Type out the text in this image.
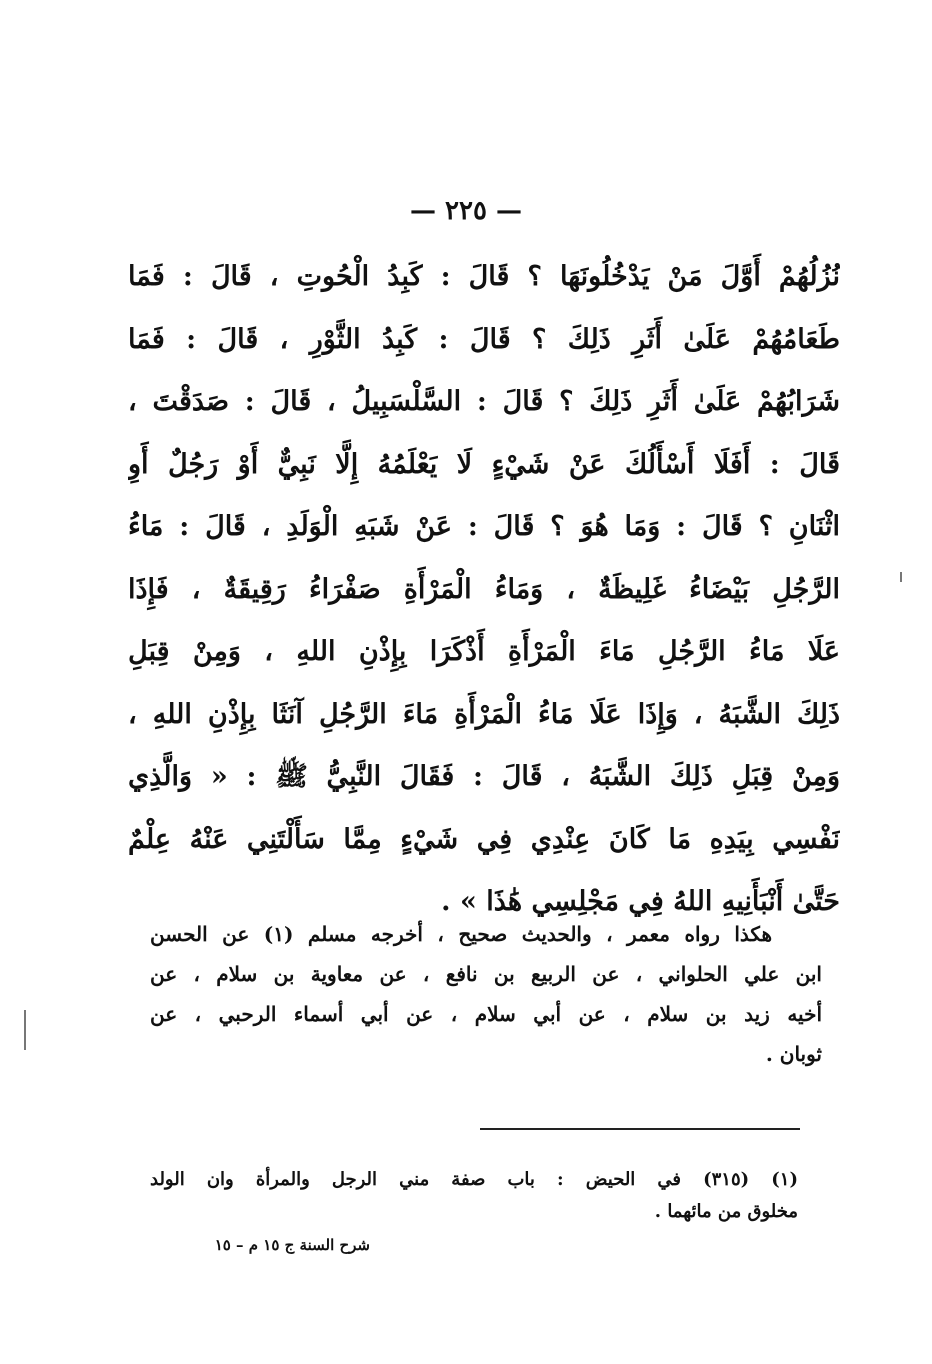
— ٢٢٥ —
نُزُلُهُمْ أَوَّلَ مَنْ يَدْخُلُونَهَا ؟ قَالَ : كَبِدُ الْحُوتِ ، قَالَ : فَمَا
طَعَامُهُمْ عَلَىٰ أَثَرِ ذَلِكَ ؟ قَالَ : كَبِدُ الثَّوْرِ ، قَالَ : فَمَا
شَرَابُهُمْ عَلَىٰ أَثَرِ ذَلِكَ ؟ قَالَ : السَّلْسَبِيلُ ، قَالَ : صَدَقْتَ ،
قَالَ : أَفَلَا أَسْأَلُكَ عَنْ شَيْءٍ لَا يَعْلَمُهُ إِلَّا نَبِيٌّ أَوْ رَجُلٌ أَوِ
اثْنَانِ ؟ قَالَ : وَمَا هُوَ ؟ قَالَ : عَنْ شَبَهِ الْوَلَدِ ، قَالَ : مَاءُ
الرَّجُلِ بَيْضَاءُ غَلِيظَةٌ ، وَمَاءُ الْمَرْأَةِ صَفْرَاءُ رَقِيقَةٌ ، فَإِذَا
عَلَا مَاءُ الرَّجُلِ مَاءَ الْمَرْأَةِ أَذْكَرَا بِإِذْنِ اللهِ ، وَمِنْ قِبَلِ
ذَلِكَ الشَّبَهُ ، وَإِذَا عَلَا مَاءُ الْمَرْأَةِ مَاءَ الرَّجُلِ آنَثَا بِإِذْنِ اللهِ ،
وَمِنْ قِبَلِ ذَلِكَ الشَّبَهُ ، قَالَ : فَقَالَ النَّبِيُّ ﷺ : « وَالَّذِي
نَفْسِي بِيَدِهِ مَا كَانَ عِنْدِي فِي شَيْءٍ مِمَّا سَأَلْتَنِي عَنْهُ عِلْمٌ
حَتَّىٰ أَنْبَأَنِيهِ اللهُ فِي مَجْلِسِي هَٰذَا » .
هكذا رواه معمر ، والحديث صحيح ، أخرجه مسلم (١) عن الحسن
ابن علي الحلواني ، عن الربيع بن نافع ، عن معاوية بن سلام ، عن
أخيه زيد بن سلام ، عن أبي سلام ، عن أبي أسماء الرحبي ، عن
ثوبان .
(١) (٣١٥) في الحيض : باب صفة مني الرجل والمرأة وان الولد
مخلوق من مائهما .
شرح السنة ج ١٥ م – ١٥
